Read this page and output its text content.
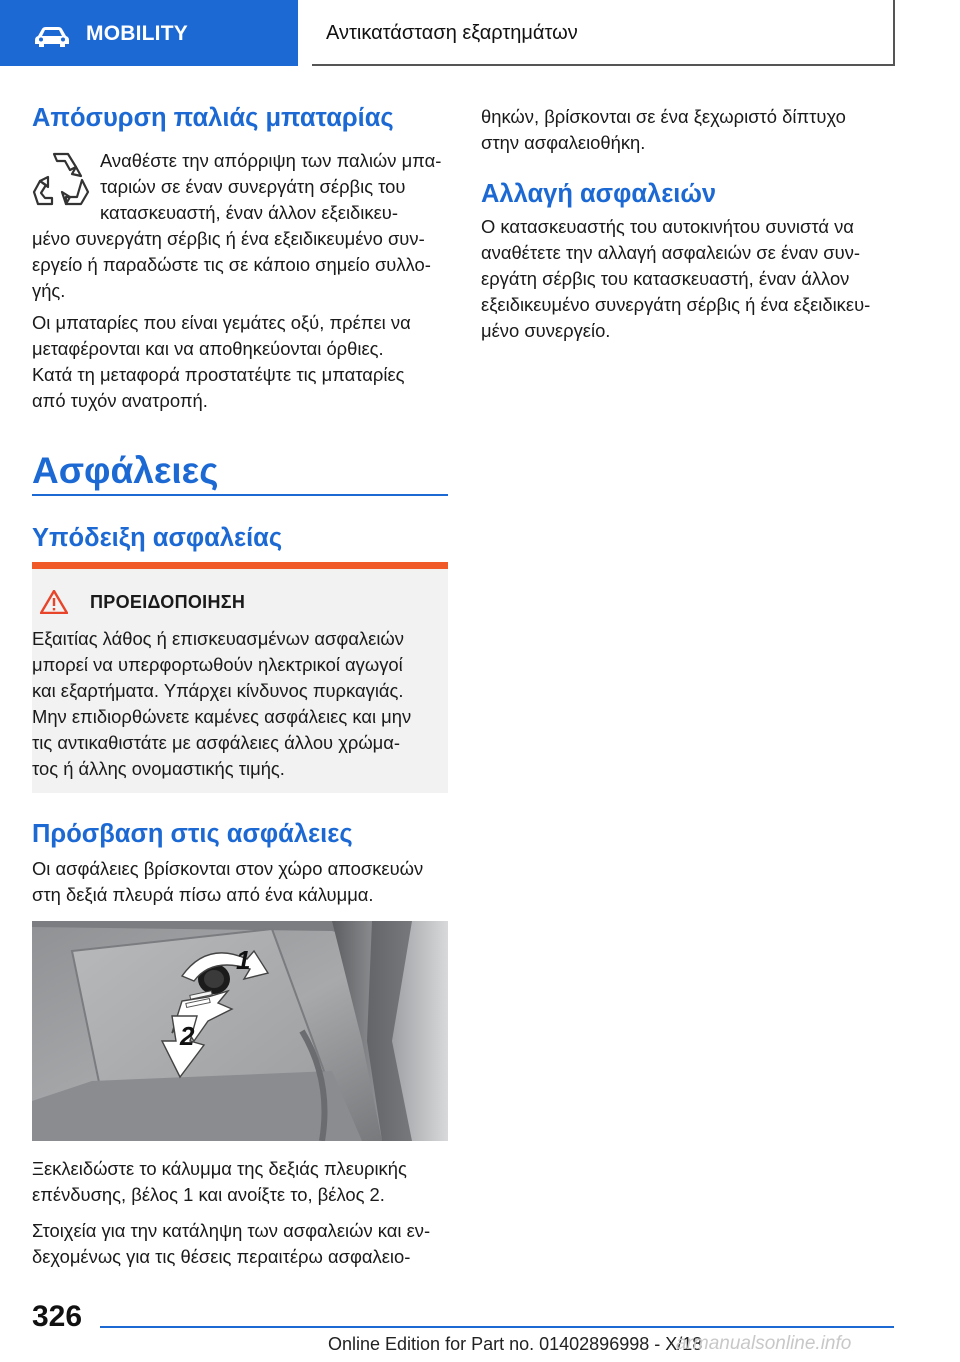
MOBILITY	Αντικατάσταση εξαρτημάτων
Απόσυρση παλιάς μπαταρίας

Αναθέστε την απόρριψη των παλιών μπα-

ταριών σε έναν συνεργάτη σέρβις του

κατασκευαστή, έναν άλλον εξειδικευ-

μένο συνεργάτη σέρβις ή ένα εξειδικευμένο συν-

εργείο ή παραδώστε τις σε κάποιο σημείο συλλο-

γής.

Οι μπαταρίες που είναι γεμάτες οξύ, πρέπει να

μεταφέρονται και να αποθηκεύονται όρθιες.

Κατά τη μεταφορά προστατέψτε τις μπαταρίες

από τυχόν ανατροπή.

Ασφάλειες
Υπόδειξη ασφαλείας
ΠΡΟΕΙΔΟΠΟΙΗΣΗ

Εξαιτίας λάθος ή επισκευασμένων ασφαλειών

μπορεί να υπερφορτωθούν ηλεκτρικοί αγωγοί

και εξαρτήματα. Υπάρχει κίνδυνος πυρκαγιάς.

Μην επιδιορθώνετε καμένες ασφάλειες και μην

τις αντικαθιστάτε με ασφάλειες άλλου χρώμα-

τος ή άλλης ονομαστικής τιμής.

Πρόσβαση στις ασφάλειες

Οι ασφάλειες βρίσκονται στον χώρο αποσκευών

στη δεξιά πλευρά πίσω από ένα κάλυμμα.

1
2

Ξεκλειδώστε το κάλυμμα της δεξιάς πλευρικής

επένδυσης, βέλος 1 και ανοίξτε το, βέλος 2.

Στοιχεία για την κατάληψη των ασφαλειών και εν-

δεχομένως για τις θέσεις περαιτέρω ασφαλειο-

θηκών, βρίσκονται σε ένα ξεχωριστό δίπτυχο

στην ασφαλειοθήκη.

Αλλαγή ασφαλειών

Ο κατασκευαστής του αυτοκινήτου συνιστά να

αναθέτετε την αλλαγή ασφαλειών σε έναν συν-

εργάτη σέρβις του κατασκευαστή, έναν άλλον

εξειδικευμένο συνεργάτη σέρβις ή ένα εξειδικευ-

μένο συνεργείο.

326
Online Edition for Part no. 01402896998 - X/18
armanualsonline.info
